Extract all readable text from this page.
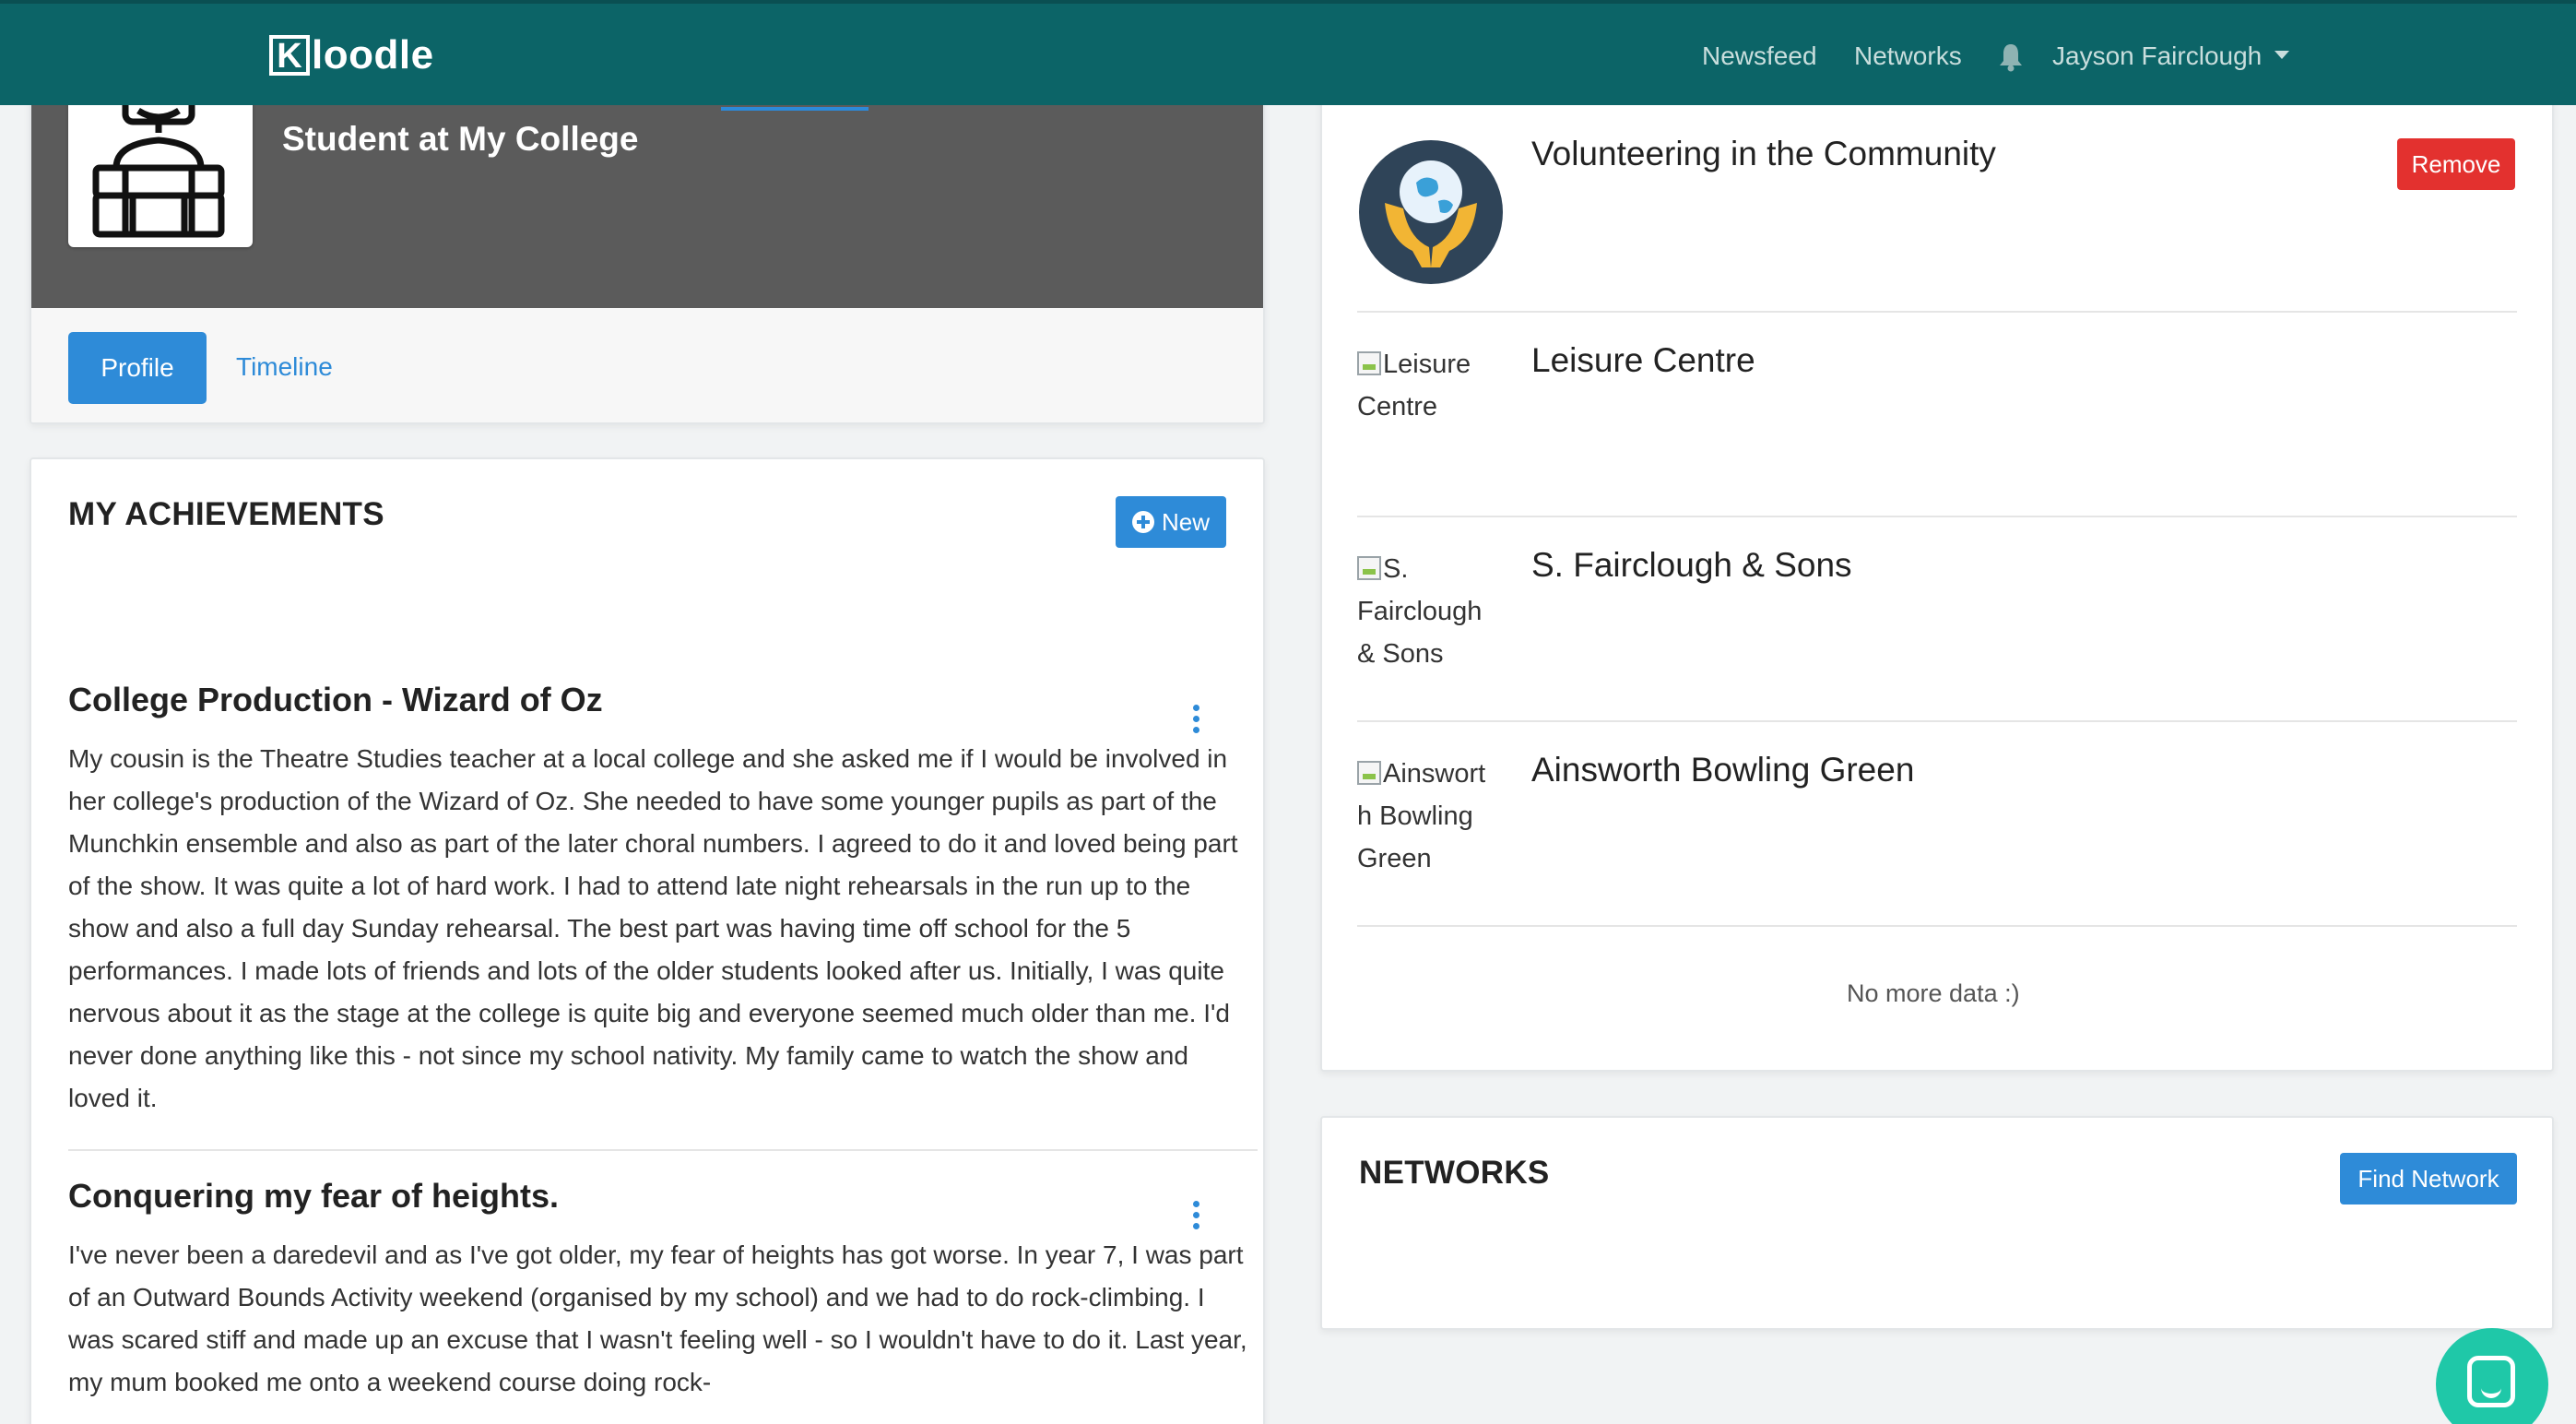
K loodle	Newsfeed Networks	Jayson Fairclough
Student at My College
Profile	Timeline
MY ACHIEVEMENTS	New
College Production - Wizard of Oz
My cousin is the Theatre Studies teacher at a local college and she asked me if I would be involved in her college's production of the Wizard of Oz. She needed to have some younger pupils as part of the Munchkin ensemble and also as part of the later choral numbers. I agreed to do it and loved being part of the show. It was quite a lot of hard work. I had to attend late night rehearsals in the run up to the show and also a full day Sunday rehearsal. The best part was having time off school for the 5 performances. I made lots of friends and lots of the older students looked after us. Initially, I was quite nervous about it as the stage at the college is quite big and everyone seemed much older than me. I'd never done anything like this - not since my school nativity. My family came to watch the show and loved it.
Conquering my fear of heights.
I've never been a daredevil and as I've got older, my fear of heights has got worse. In year 7, I was part of an Outward Bounds Activity weekend (organised by my school) and we had to do rock-climbing. I was scared stiff and made up an excuse that I wasn't feeling well - so I wouldn't have to do it. Last year, my mum booked me onto a weekend course doing rock-
Volunteering in the Community	Remove
Leisure
Centre
Leisure Centre
S.
Fairclough
& Sons
S. Fairclough & Sons
Ainswort
h Bowling
Green
Ainsworth Bowling Green
No more data :)
NETWORKS	Find Network
